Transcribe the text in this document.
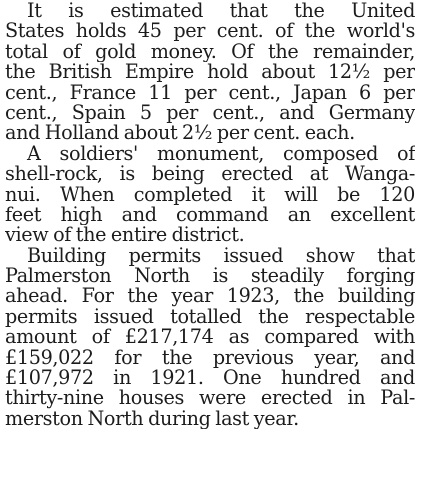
It is estimated that the United
States holds 45 per cent. of the world's
total of gold money. Of the remainder,
the British Empire hold about 12½ per
cent., France 11 per cent., Japan 6 per
cent., Spain 5 per cent., and Germany
and Holland about 2½ per cent. each.
A soldiers' monument, composed of
shell-rock, is being erected at Wanga-
nui. When completed it will be 120
feet high and command an excellent
view of the entire district.
Building permits issued show that
Palmerston North is steadily forging
ahead. For the year 1923, the building
permits issued totalled the respectable
amount of £217,174 as compared with
£159,022 for the previous year, and
£107,972 in 1921. One hundred and
thirty-nine houses were erected in Pal-
merston North during last year.
